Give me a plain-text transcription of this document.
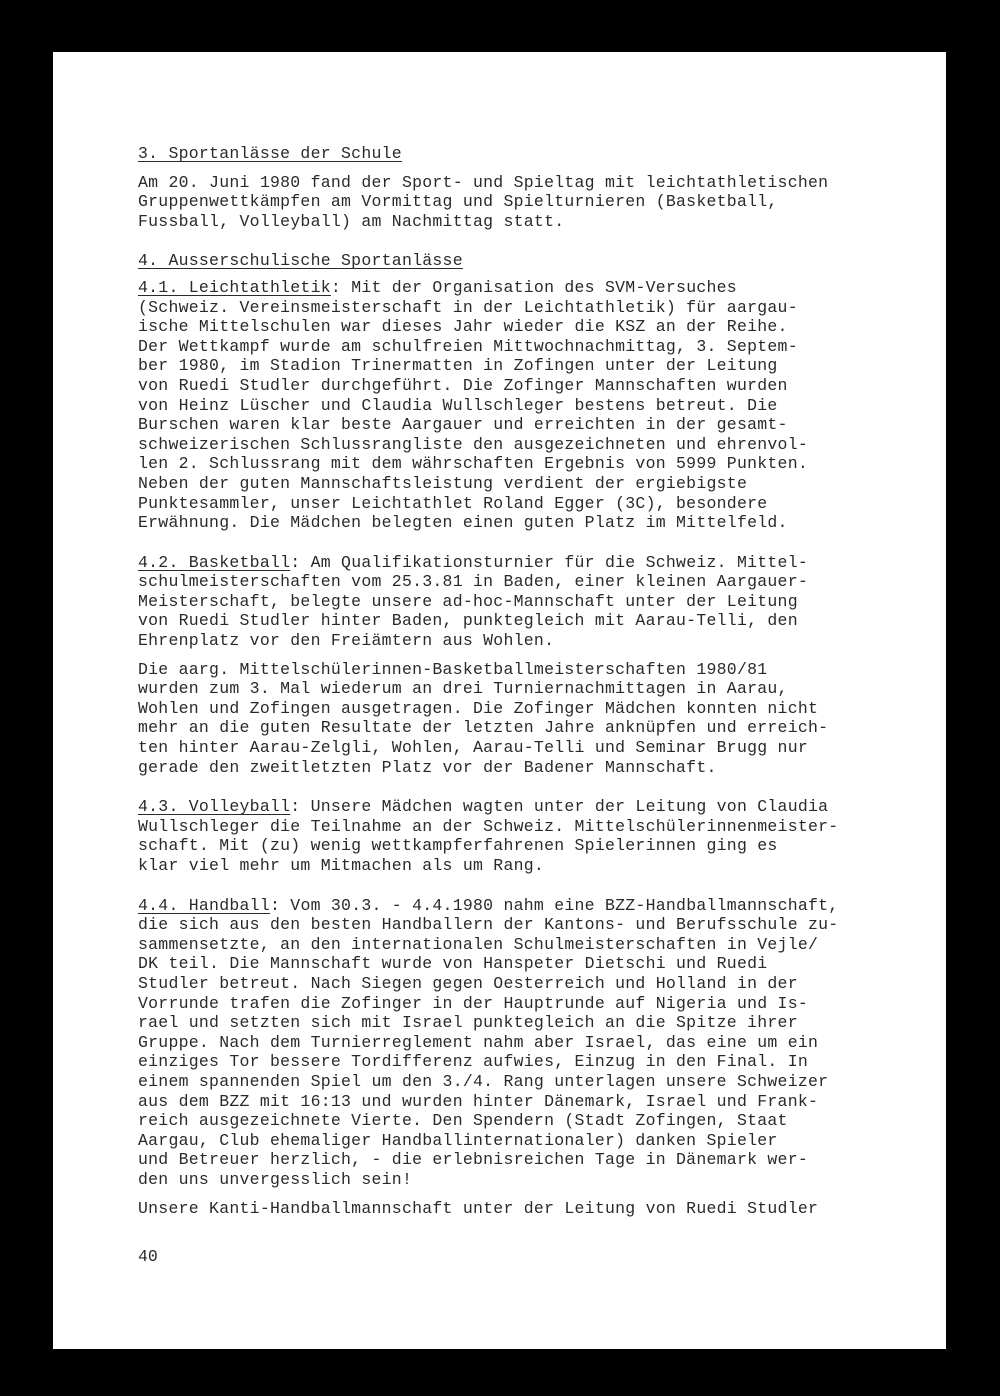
3. Sportanlässe der Schule

Am 20. Juni 1980 fand der Sport- und Spieltag mit leichtathletischen
Gruppenwettkämpfen am Vormittag und Spielturnieren (Basketball,
Fussball, Volleyball) am Nachmittag statt.

4. Ausserschulische Sportanlässe

4.1. Leichtathletik: Mit der Organisation des SVM-Versuches
(Schweiz. Vereinsmeisterschaft in der Leichtathletik) für aargau-
ische Mittelschulen war dieses Jahr wieder die KSZ an der Reihe.
Der Wettkampf wurde am schulfreien Mittwochnachmittag, 3. Septem-
ber 1980, im Stadion Trinermatten in Zofingen unter der Leitung
von Ruedi Studler durchgeführt. Die Zofinger Mannschaften wurden
von Heinz Lüscher und Claudia Wullschleger bestens betreut. Die
Burschen waren klar beste Aargauer und erreichten in der gesamt-
schweizerischen Schlussrangliste den ausgezeichneten und ehrenvol-
len 2. Schlussrang mit dem währschaften Ergebnis von 5999 Punkten.
Neben der guten Mannschaftsleistung verdient der ergiebigste
Punktesammler, unser Leichtathlet Roland Egger (3C), besondere
Erwähnung. Die Mädchen belegten einen guten Platz im Mittelfeld.

4.2. Basketball: Am Qualifikationsturnier für die Schweiz. Mittel-
schulmeisterschaften vom 25.3.81 in Baden, einer kleinen Aargauer-
Meisterschaft, belegte unsere ad-hoc-Mannschaft unter der Leitung
von Ruedi Studler hinter Baden, punktegleich mit Aarau-Telli, den
Ehrenplatz vor den Freiämtern aus Wohlen.

Die aarg. Mittelschülerinnen-Basketballmeisterschaften 1980/81
wurden zum 3. Mal wiederum an drei Turniernachmittagen in Aarau,
Wohlen und Zofingen ausgetragen. Die Zofinger Mädchen konnten nicht
mehr an die guten Resultate der letzten Jahre anknüpfen und erreich-
ten hinter Aarau-Zelgli, Wohlen, Aarau-Telli und Seminar Brugg nur
gerade den zweitletzten Platz vor der Badener Mannschaft.

4.3. Volleyball: Unsere Mädchen wagten unter der Leitung von Claudia
Wullschleger die Teilnahme an der Schweiz. Mittelschülerinnenmeister-
schaft. Mit (zu) wenig wettkampferfahrenen Spielerinnen ging es
klar viel mehr um Mitmachen als um Rang.

4.4. Handball: Vom 30.3. - 4.4.1980 nahm eine BZZ-Handballmannschaft,
die sich aus den besten Handballern der Kantons- und Berufsschule zu-
sammensetzte, an den internationalen Schulmeisterschaften in Vejle/
DK teil. Die Mannschaft wurde von Hanspeter Dietschi und Ruedi
Studler betreut. Nach Siegen gegen Oesterreich und Holland in der
Vorrunde trafen die Zofinger in der Hauptrunde auf Nigeria und Is-
rael und setzten sich mit Israel punktegleich an die Spitze ihrer
Gruppe. Nach dem Turnierreglement nahm aber Israel, das eine um ein
einziges Tor bessere Tordifferenz aufwies, Einzug in den Final. In
einem spannenden Spiel um den 3./4. Rang unterlagen unsere Schweizer
aus dem BZZ mit 16:13 und wurden hinter Dänemark, Israel und Frank-
reich ausgezeichnete Vierte. Den Spendern (Stadt Zofingen, Staat
Aargau, Club ehemaliger Handballinternationaler) danken Spieler
und Betreuer herzlich, - die erlebnisreichen Tage in Dänemark wer-
den uns unvergesslich sein!

Unsere Kanti-Handballmannschaft unter der Leitung von Ruedi Studler

40
